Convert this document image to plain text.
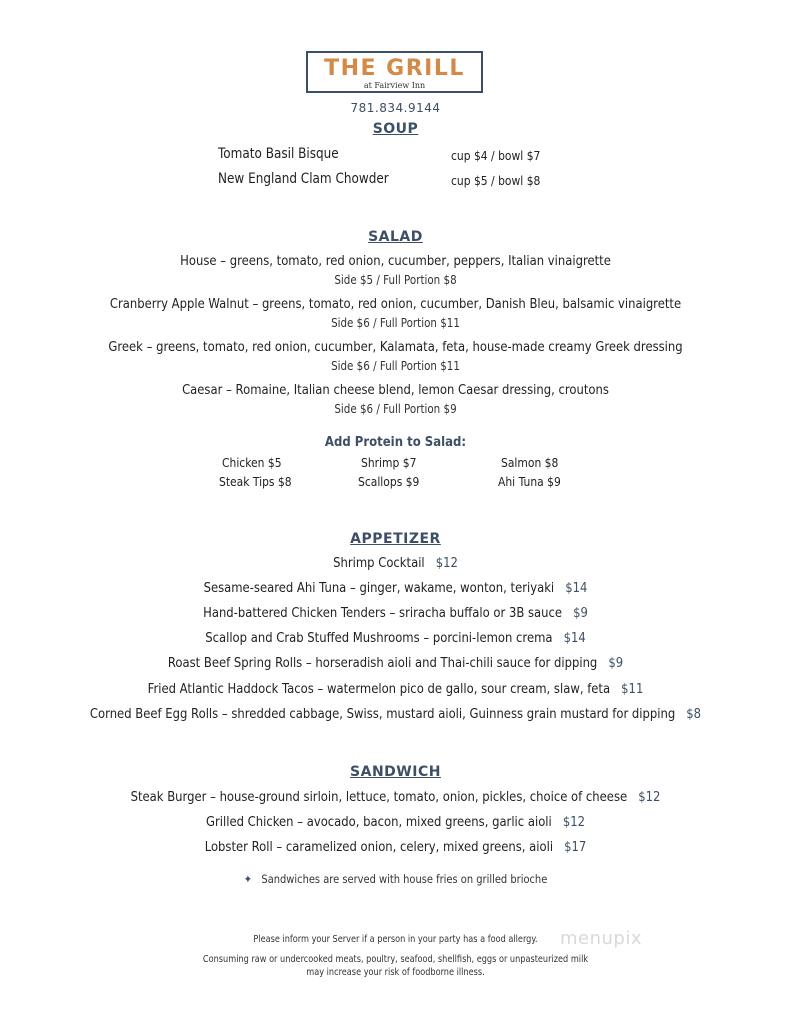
THE GRILL
at Fairview Inn
781.834.9144
SOUP
Tomato Basil Bisque	cup $4 / bowl $7
New England Clam Chowder	cup $5 / bowl $8
SALAD
House – greens, tomato, red onion, cucumber, peppers, Italian vinaigrette
Side $5 / Full Portion $8
Cranberry Apple Walnut – greens, tomato, red onion, cucumber, Danish Bleu, balsamic vinaigrette
Side $6 / Full Portion $11
Greek – greens, tomato, red onion, cucumber, Kalamata, feta, house-made creamy Greek dressing
Side $6 / Full Portion $11
Caesar – Romaine, Italian cheese blend, lemon Caesar dressing, croutons
Side $6 / Full Portion $9
Add Protein to Salad:
Chicken $5	Shrimp $7	Salmon $8
Steak Tips $8	Scallops $9	Ahi Tuna $9
APPETIZER
Shrimp Cocktail $12
Sesame-seared Ahi Tuna – ginger, wakame, wonton, teriyaki $14
Hand-battered Chicken Tenders – sriracha buffalo or 3B sauce $9
Scallop and Crab Stuffed Mushrooms – porcini-lemon crema $14
Roast Beef Spring Rolls – horseradish aioli and Thai-chili sauce for dipping $9
Fried Atlantic Haddock Tacos – watermelon pico de gallo, sour cream, slaw, feta $11
Corned Beef Egg Rolls – shredded cabbage, Swiss, mustard aioli, Guinness grain mustard for dipping $8
SANDWICH
Steak Burger – house-ground sirloin, lettuce, tomato, onion, pickles, choice of cheese $12
Grilled Chicken – avocado, bacon, mixed greens, garlic aioli $12
Lobster Roll – caramelized onion, celery, mixed greens, aioli $17
✦ Sandwiches are served with house fries on grilled brioche
Please inform your Server if a person in your party has a food allergy.
Consuming raw or undercooked meats, poultry, seafood, shellfish, eggs or unpasteurized milk
may increase your risk of foodborne illness.
menupix
